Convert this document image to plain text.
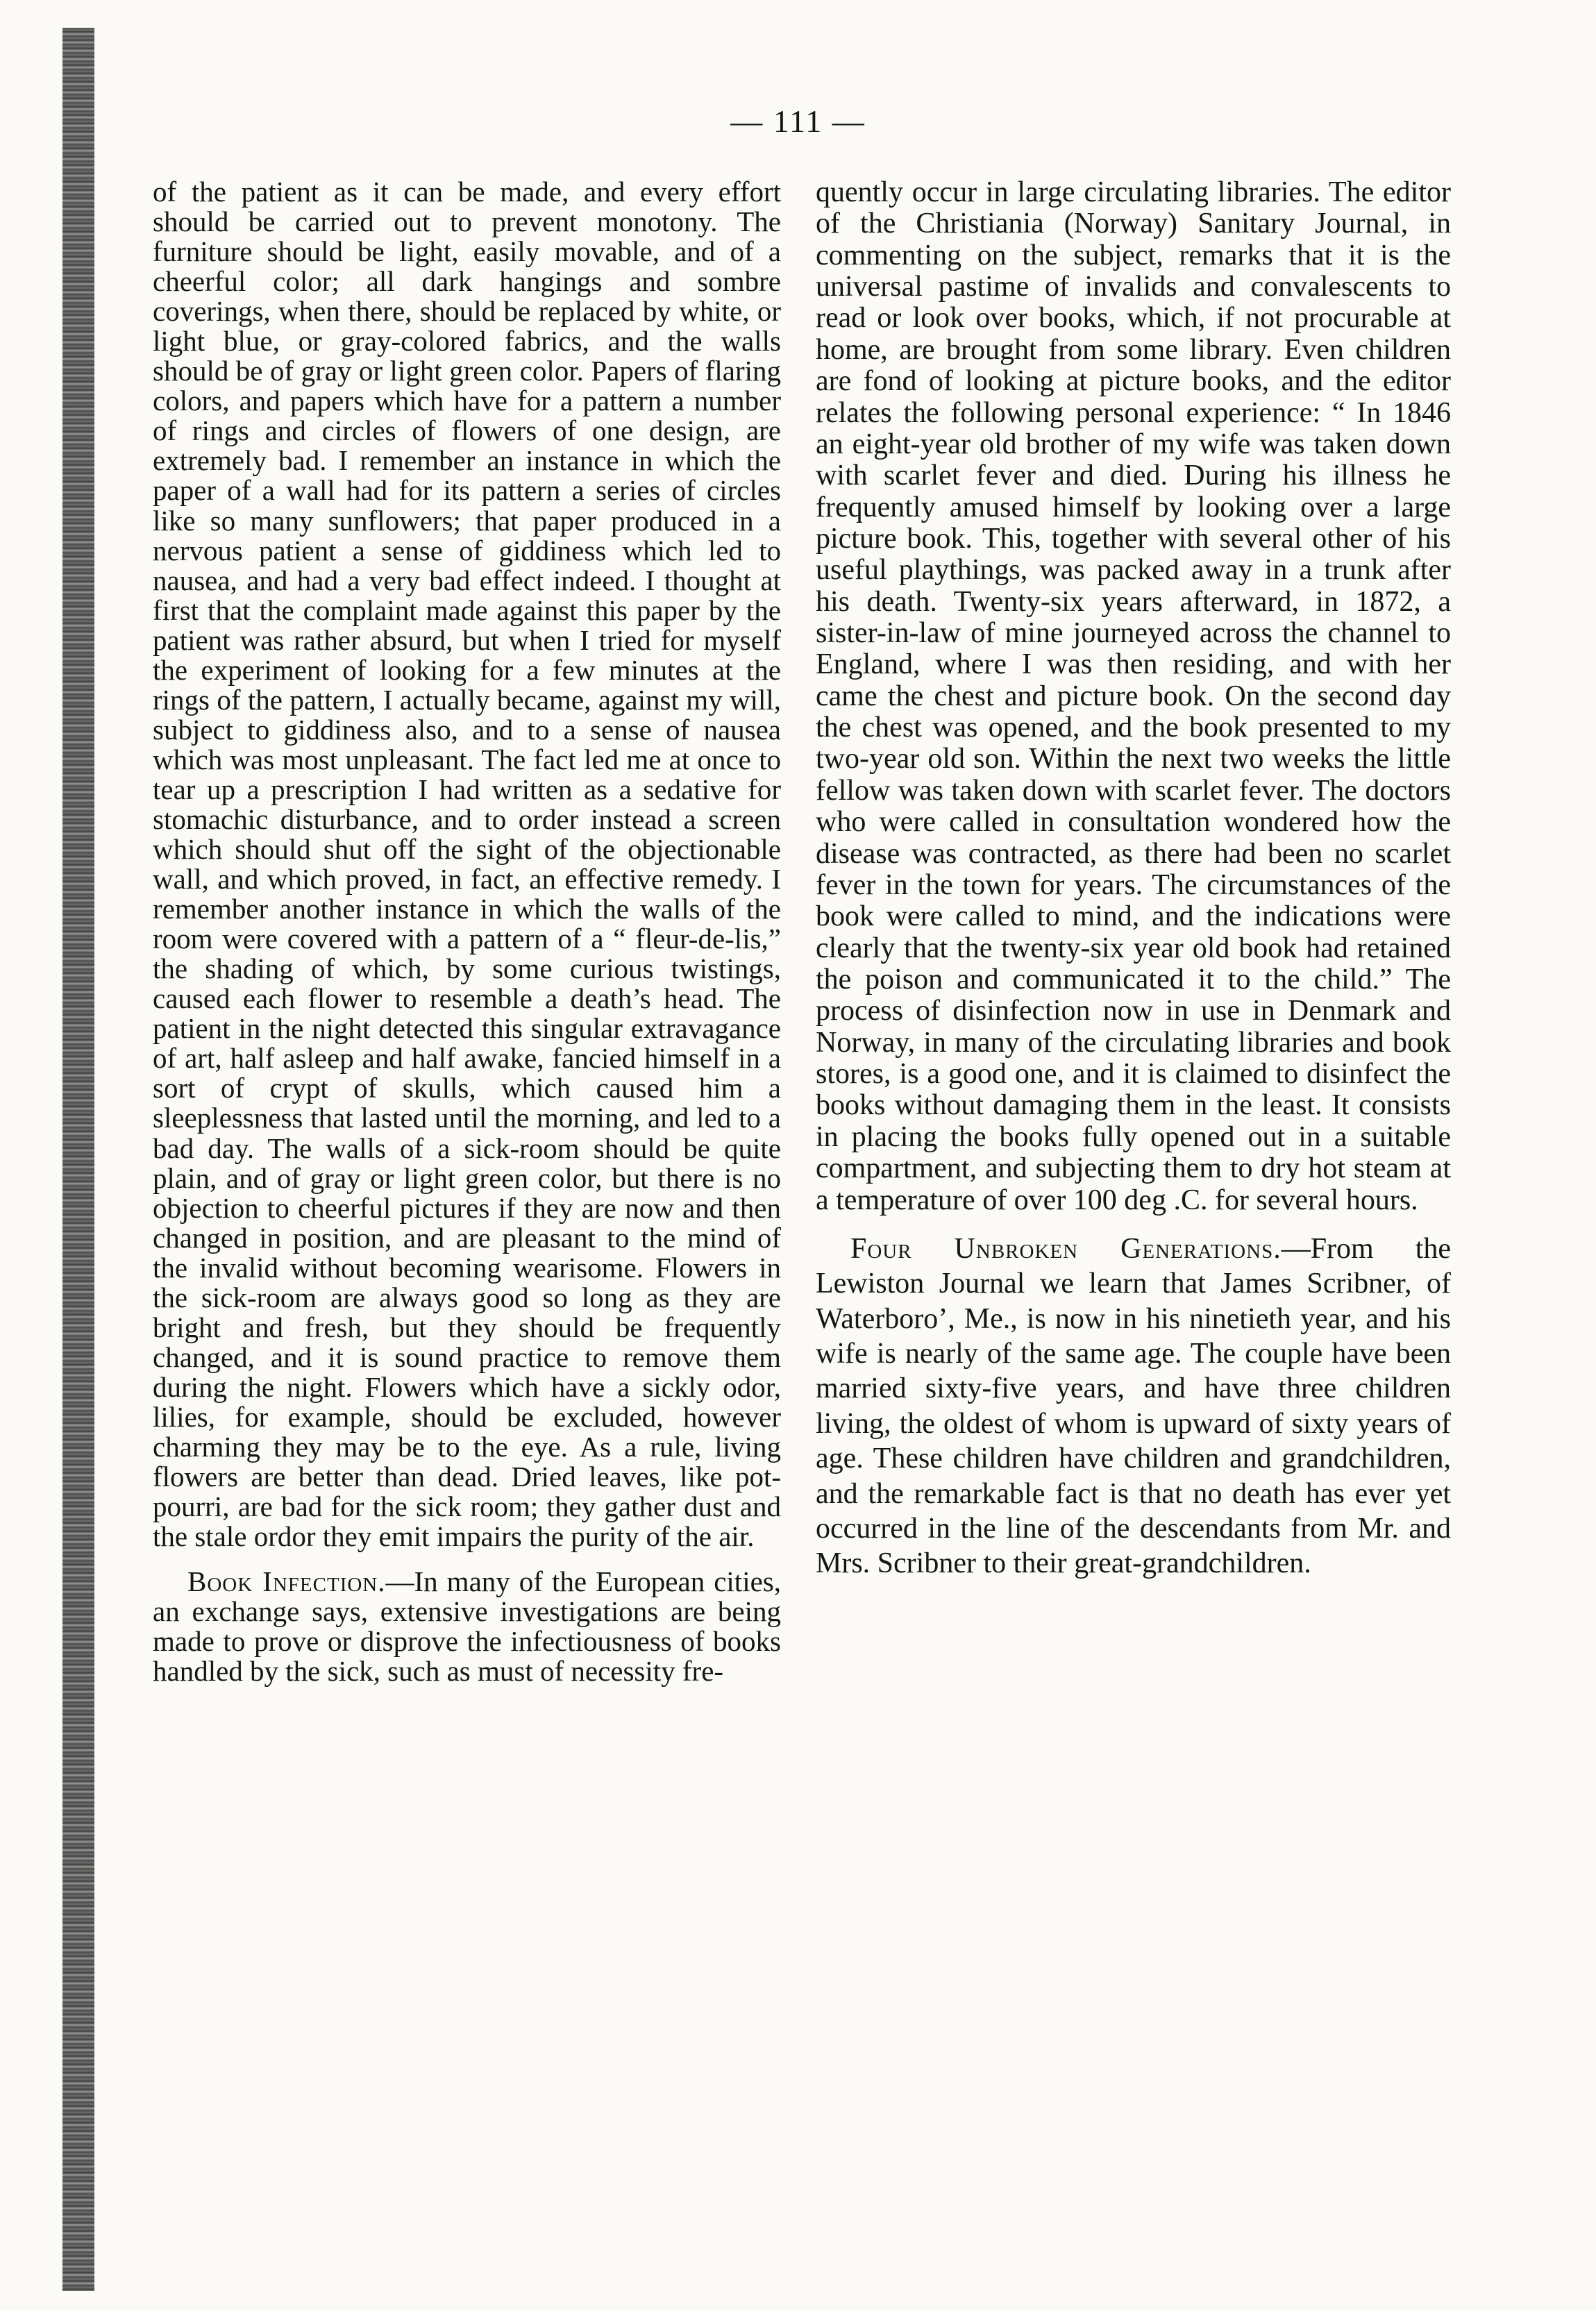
— 111 —

of the patient as it can be made, and every effort should be carried out to prevent monotony. The furniture should be light, easily movable, and of a cheerful color; all dark hangings and sombre coverings, when there, should be replaced by white, or light blue, or gray-colored fabrics, and the walls should be of gray or light green color. Papers of flaring colors, and papers which have for a pattern a number of rings and circles of flowers of one design, are extremely bad. I remember an instance in which the paper of a wall had for its pattern a series of circles like so many sunflowers; that paper produced in a nervous patient a sense of giddiness which led to nausea, and had a very bad effect indeed. I thought at first that the complaint made against this paper by the patient was rather absurd, but when I tried for myself the experiment of looking for a few minutes at the rings of the pattern, I actually became, against my will, subject to giddiness also, and to a sense of nausea which was most unpleasant. The fact led me at once to tear up a prescription I had written as a sedative for stomachic disturbance, and to order instead a screen which should shut off the sight of the objectionable wall, and which proved, in fact, an effective remedy. I remember another instance in which the walls of the room were covered with a pattern of a “ fleur-de-lis,” the shading of which, by some curious twistings, caused each flower to resemble a death’s head. The patient in the night detected this singular extravagance of art, half asleep and half awake, fancied himself in a sort of crypt of skulls, which caused him a sleeplessness that lasted until the morning, and led to a bad day. The walls of a sick-room should be quite plain, and of gray or light green color, but there is no objection to cheerful pictures if they are now and then changed in position, and are pleasant to the mind of the invalid without becoming wearisome. Flowers in the sick-room are always good so long as they are bright and fresh, but they should be frequently changed, and it is sound practice to remove them during the night. Flowers which have a sickly odor, lilies, for example, should be excluded, however charming they may be to the eye. As a rule, living flowers are better than dead. Dried leaves, like pot-pourri, are bad for the sick room; they gather dust and the stale ordor they emit impairs the purity of the air.

Book Infection.—In many of the European cities, an exchange says, extensive investigations are being made to prove or disprove the infectiousness of books handled by the sick, such as must of necessity fre-

quently occur in large circulating libraries. The editor of the Christiania (Norway) Sanitary Journal, in commenting on the subject, remarks that it is the universal pastime of invalids and convalescents to read or look over books, which, if not procurable at home, are brought from some library. Even children are fond of looking at picture books, and the editor relates the following personal experience: “ In 1846 an eight-year old brother of my wife was taken down with scarlet fever and died. During his illness he frequently amused himself by looking over a large picture book. This, together with several other of his useful playthings, was packed away in a trunk after his death. Twenty-six years afterward, in 1872, a sister-in-law of mine journeyed across the channel to England, where I was then residing, and with her came the chest and picture book. On the second day the chest was opened, and the book presented to my two-year old son. Within the next two weeks the little fellow was taken down with scarlet fever. The doctors who were called in consultation wondered how the disease was contracted, as there had been no scarlet fever in the town for years. The circumstances of the book were called to mind, and the indications were clearly that the twenty-six year old book had retained the poison and communicated it to the child.” The process of disinfection now in use in Denmark and Norway, in many of the circulating libraries and book stores, is a good one, and it is claimed to disinfect the books without damaging them in the least. It consists in placing the books fully opened out in a suitable compartment, and subjecting them to dry hot steam at a temperature of over 100 deg .C. for several hours.

Four Unbroken Generations.—From the Lewiston Journal we learn that James Scribner, of Waterboro’, Me., is now in his ninetieth year, and his wife is nearly of the same age. The couple have been married sixty-five years, and have three children living, the oldest of whom is upward of sixty years of age. These children have children and grandchildren, and the remarkable fact is that no death has ever yet occurred in the line of the descendants from Mr. and Mrs. Scribner to their great-grandchildren.
